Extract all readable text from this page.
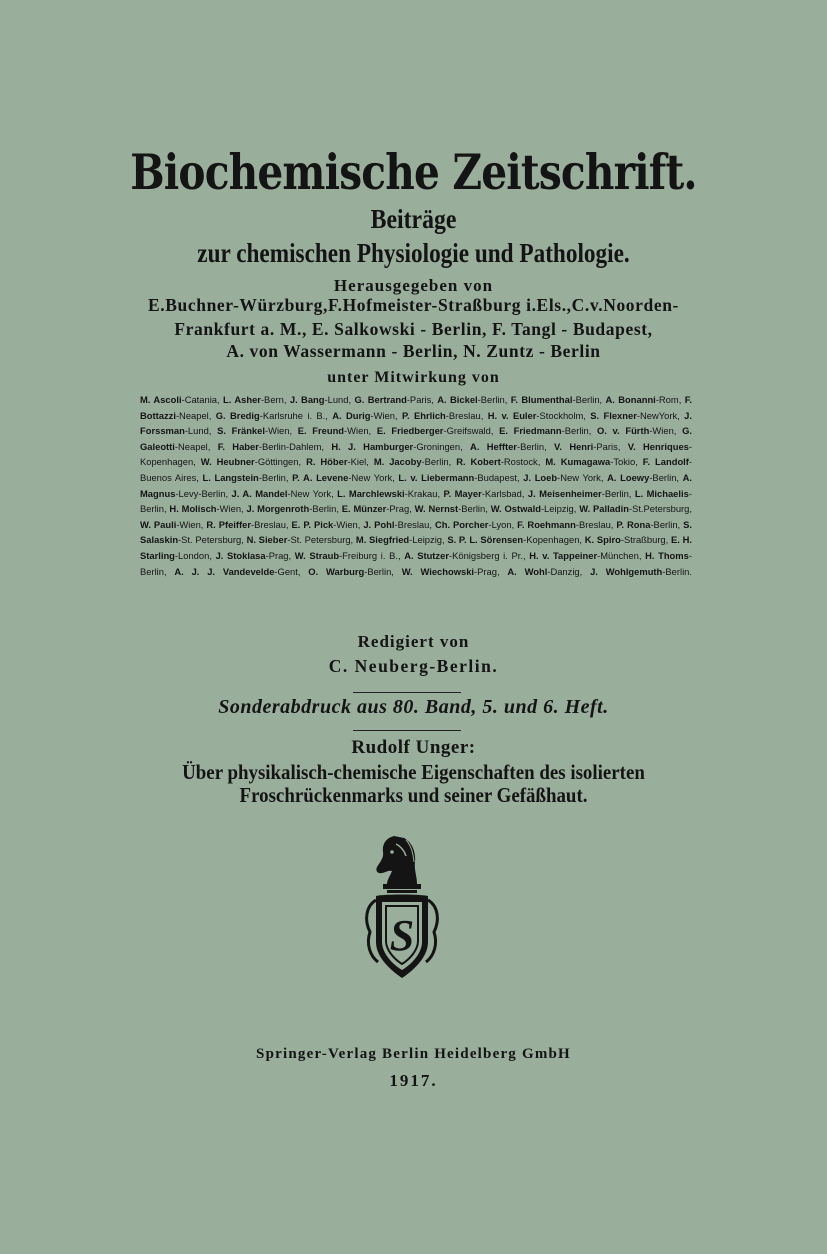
Biochemische Zeitschrift.
Beiträge
zur chemischen Physiologie und Pathologie.
Herausgegeben von
E.Buchner-Würzburg,F.Hofmeister-Straßburg i.Els.,C.v.Noorden-
Frankfurt a. M., E. Salkowski - Berlin, F. Tangl - Budapest,
A. von Wassermann - Berlin, N. Zuntz - Berlin
unter Mitwirkung von

M. Ascoli-Catania, L. Asher-Bern, J. Bang-Lund, G. Bertrand-Paris, A. Bickel-Berlin, F. Blumenthal-Berlin, A. Bonanni-Rom, F. Bottazzi-Neapel, G. Bredig-Karlsruhe i. B., A. Durig-Wien, P. Ehrlich-Breslau, H. v. Euler-Stockholm, S. Flexner-NewYork, J. Forssman-Lund, S. Fränkel-Wien, E. Freund-Wien, E. Friedberger-Greifswald, E. Friedmann-Berlin, O. v. Fürth-Wien, G. Galeotti-Neapel, F. Haber-Berlin-Dahlem, H. J. Hamburger-Groningen, A. Heffter-Berlin, V. Henri-Paris, V. Henriques-Kopenhagen, W. Heubner-Göttingen, R. Höber-Kiel, M. Jacoby-Berlin, R. Kobert-Rostock, M. Kumagawa-Tokio, F. Landolf-Buenos Aires, L. Langstein-Berlin, P. A. Levene-New York, L. v. Liebermann-Budapest, J. Loeb-New York, A. Loewy-Berlin, A. Magnus-Levy-Berlin, J. A. Mandel-New York, L. Marchlewski-Krakau, P. Mayer-Karlsbad, J. Meisenheimer-Berlin, L. Michaelis-Berlin, H. Molisch-Wien, J. Morgenroth-Berlin, E. Münzer-Prag, W. Nernst-Berlin, W. Ostwald-Leipzig, W. Palladin-St.Petersburg, W. Pauli-Wien, R. Pfeiffer-Breslau, E. P. Pick-Wien, J. Pohl-Breslau, Ch. Porcher-Lyon, F. Roehmann-Breslau, P. Rona-Berlin, S. Salaskin-St. Petersburg, N. Sieber-St. Petersburg, M. Siegfried-Leipzig, S. P. L. Sörensen-Kopenhagen, K. Spiro-Straßburg, E. H. Starling-London, J. Stoklasa-Prag, W. Straub-Freiburg i. B., A. Stutzer-Königsberg i. Pr., H. v. Tappeiner-München, H. Thoms-Berlin, A. J. J. Vandevelde-Gent, O. Warburg-Berlin, W. Wiechowski-Prag, A. Wohl-Danzig, J. Wohlgemuth-Berlin.

Redigiert von
C. Neuberg-Berlin.
Sonderabdruck aus 80. Band, 5. und 6. Heft.
Rudolf Unger:
Über physikalisch-chemische Eigenschaften des isolierten
Froschrückenmarks und seiner Gefäßhaut.
S
Springer-Verlag Berlin Heidelberg GmbH
1917.
